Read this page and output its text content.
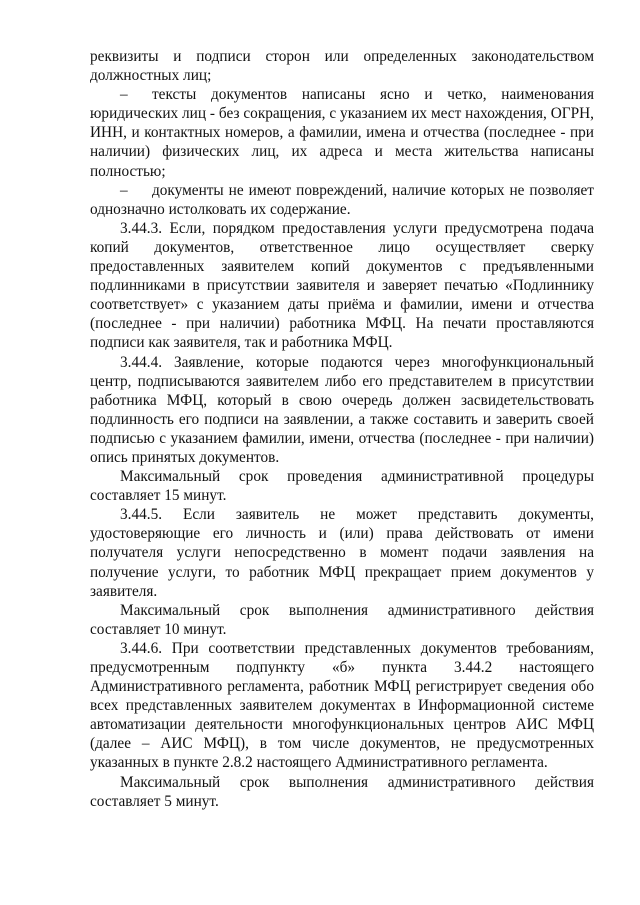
реквизиты и подписи сторон или определенных законодательством должностных лиц;

– тексты документов написаны ясно и четко, наименования юридических лиц - без сокращения, с указанием их мест нахождения, ОГРН, ИНН, и контактных номеров, а фамилии, имена и отчества (последнее - при наличии) физических лиц, их адреса и места жительства написаны полностью;

– документы не имеют повреждений, наличие которых не позволяет однозначно истолковать их содержание.

3.44.3. Если, порядком предоставления услуги предусмотрена подача копий документов, ответственное лицо осуществляет сверку предоставленных заявителем копий документов с предъявленными подлинниками в присутствии заявителя и заверяет печатью «Подлиннику соответствует» с указанием даты приёма и фамилии, имени и отчества (последнее - при наличии) работника МФЦ. На печати проставляются подписи как заявителя, так и работника МФЦ.

3.44.4. Заявление, которые подаются через многофункциональный центр, подписываются заявителем либо его представителем в присутствии работника МФЦ, который в свою очередь должен засвидетельствовать подлинность его подписи на заявлении, а также составить и заверить своей подписью с указанием фамилии, имени, отчества (последнее - при наличии) опись принятых документов.

Максимальный срок проведения административной процедуры составляет 15 минут.

3.44.5. Если заявитель не может представить документы, удостоверяющие его личность и (или) права действовать от имени получателя услуги непосредственно в момент подачи заявления на получение услуги, то работник МФЦ прекращает прием документов у заявителя.

Максимальный срок выполнения административного действия составляет 10 минут.

3.44.6. При соответствии представленных документов требованиям, предусмотренным подпункту «б» пункта 3.44.2 настоящего Административного регламента, работник МФЦ регистрирует сведения обо всех представленных заявителем документах в Информационной системе автоматизации деятельности многофункциональных центров АИС МФЦ (далее – АИС МФЦ), в том числе документов, не предусмотренных указанных в пункте 2.8.2 настоящего Административного регламента.

Максимальный срок выполнения административного действия составляет 5 минут.
